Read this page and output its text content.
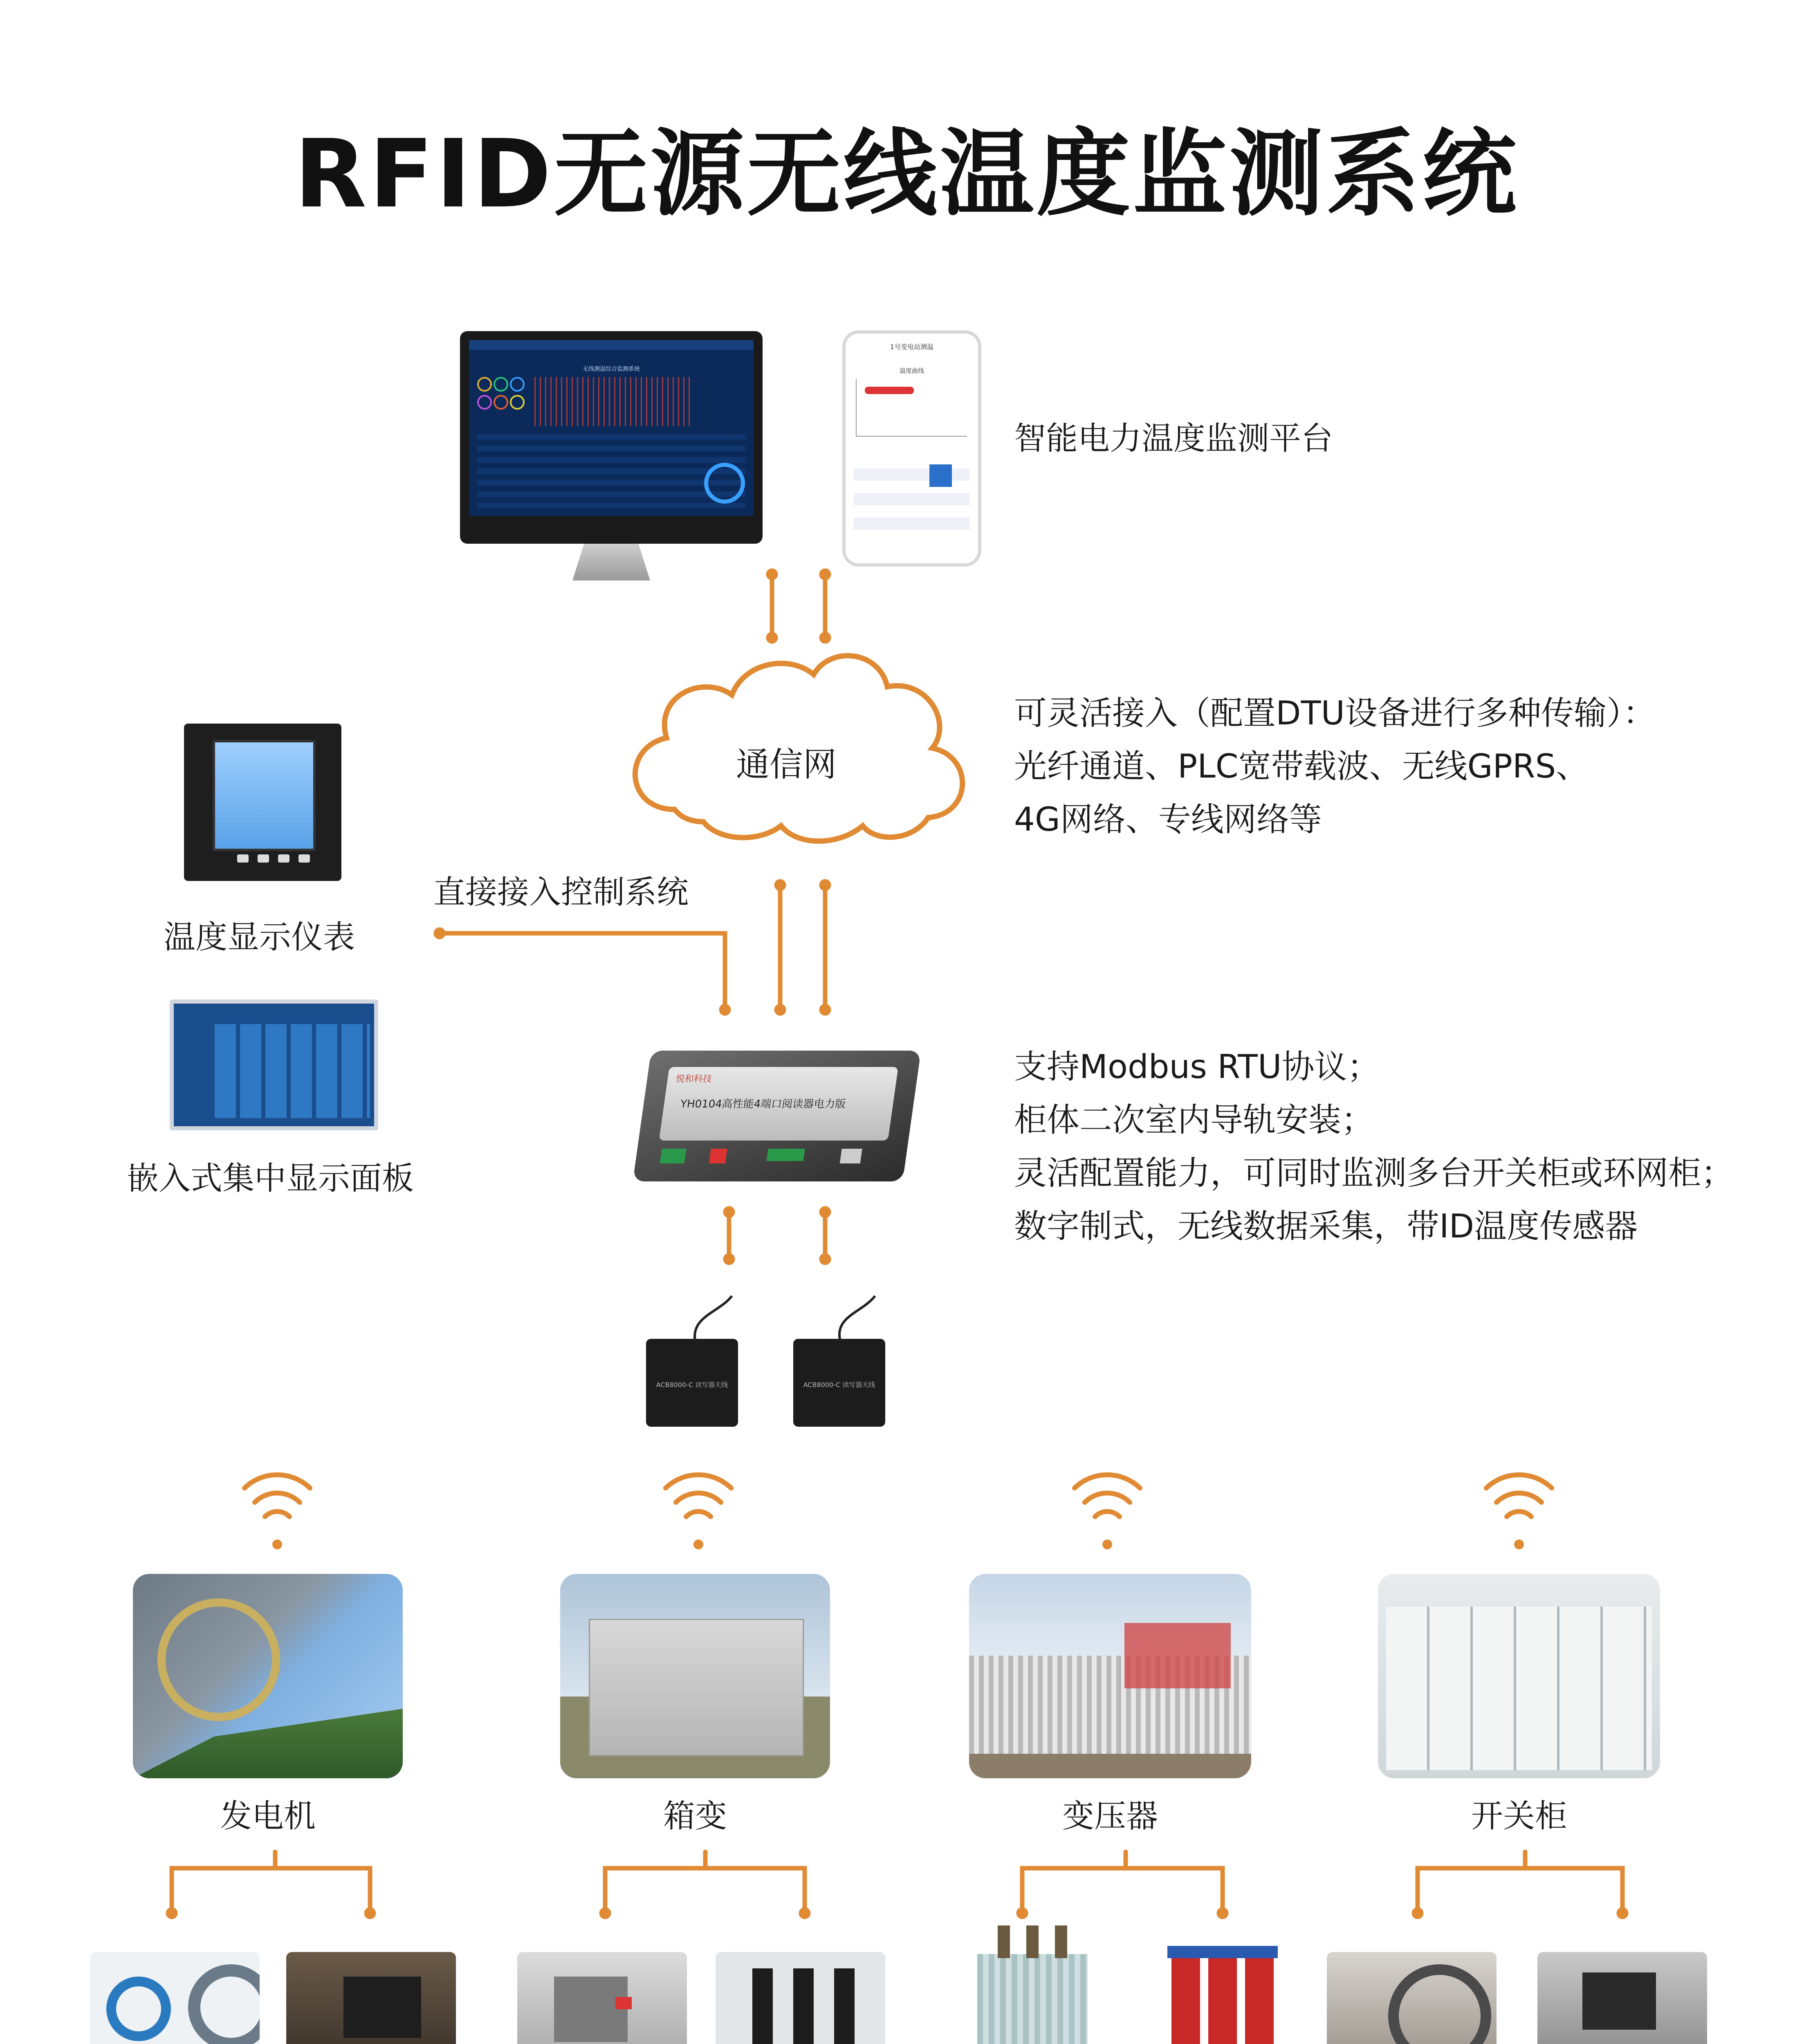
RFID无源无线温度监测系统
通信网
无线测温综合监测系统
1号变电站测温
温度曲线
智能电力温度监测平台
可灵活接入（配置DTU设备进行多种传输）：
光纤通道、PLC宽带载波、无线GPRS、
4G网络、专线网络等
温度显示仪表
直接接入控制系统
嵌入式集中显示面板
悦和科技
YH0104高性能4端口阅读器电力版
支持Modbus RTU协议；
柜体二次室内导轨安装；
灵活配置能力，可同时监测多台开关柜或环网柜；
数字制式，无线数据采集，带ID温度传感器
ACB8000-C 读写器天线	ACB8000-C 读写器天线
发电机	箱变	变压器	开关柜
